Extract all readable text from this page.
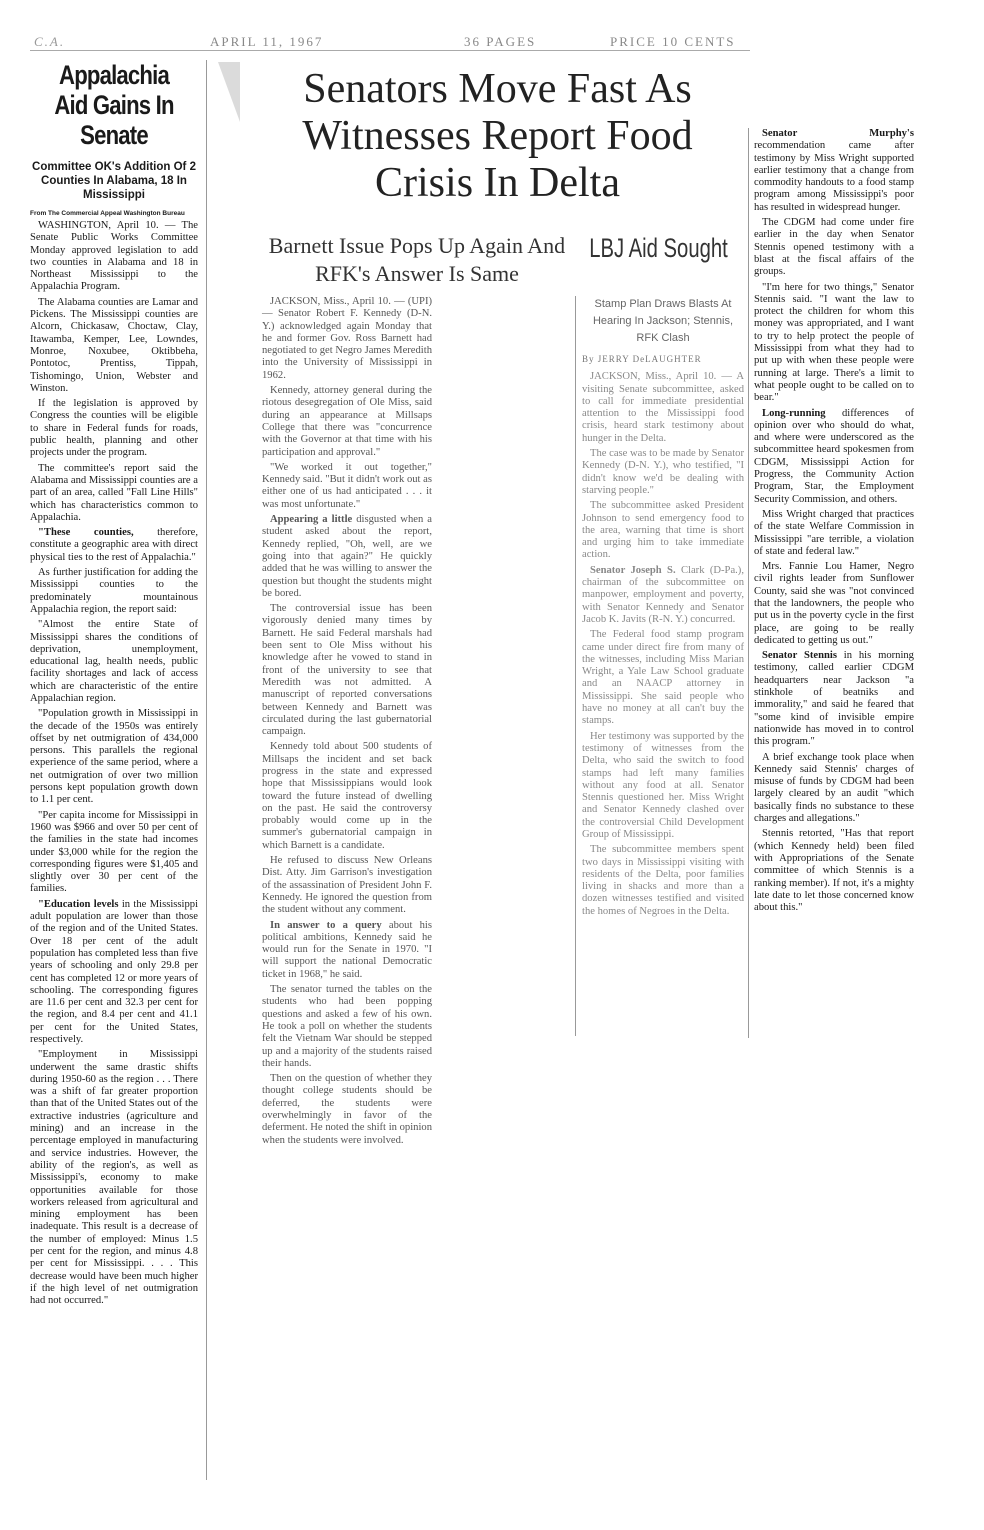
C.A.	APRIL 11, 1967	36 PAGES	PRICE 10 CENTS
Appalachia Aid Gains In Senate
Committee OK's Addition Of 2 Counties In Alabama, 18 In Mississippi
From The Commercial Appeal Washington Bureau

WASHINGTON, April 10. — The Senate Public Works Committee Monday approved legislation to add two counties in Alabama and 18 in Northeast Mississippi to the Appalachia Program.

The Alabama counties are Lamar and Pickens. The Mississippi counties are Alcorn, Chickasaw, Choctaw, Clay, Itawamba, Kemper, Lee, Lowndes, Monroe, Noxubee, Oktibbeha, Pontotoc, Prentiss, Tippah, Tishomingo, Union, Webster and Winston.

If the legislation is approved by Congress the counties will be eligible to share in Federal funds for roads, public health, planning and other projects under the program.

The committee's report said the Alabama and Mississippi counties are a part of an area, called "Fall Line Hills" which has characteristics common to Appalachia.

"These counties, therefore, constitute a geographic area with direct physical ties to the rest of Appalachia."

As further justification for adding the Mississippi counties to the predominately mountainous Appalachia region, the report said:

"Almost the entire State of Mississippi shares the conditions of deprivation, unemployment, educational lag, health needs, public facility shortages and lack of access which are characteristic of the entire Appalachian region.

"Population growth in Mississippi in the decade of the 1950s was entirely offset by net outmigration of 434,000 persons. This parallels the regional experience of the same period, where a net outmigration of over two million persons kept population growth down to 1.1 per cent.

"Per capita income for Mississippi in 1960 was $966 and over 50 per cent of the families in the state had incomes under $3,000 while for the region the corresponding figures were $1,405 and slightly over 30 per cent of the families.

"Education levels in the Mississippi adult population are lower than those of the region and of the United States. Over 18 per cent of the adult population has completed less than five years of schooling and only 29.8 per cent has completed 12 or more years of schooling. The corresponding figures are 11.6 per cent and 32.3 per cent for the region, and 8.4 per cent and 41.1 per cent for the United States, respectively.

"Employment in Mississippi underwent the same drastic shifts during 1950-60 as the region . . . There was a shift of far greater proportion than that of the United States out of the extractive industries (agriculture and mining) and an increase in the percentage employed in manufacturing and service industries. However, the ability of the region's, as well as Mississippi's, economy to make opportunities available for those workers released from agricultural and mining employment has been inadequate. This result is a decrease of the number of employed: Minus 1.5 per cent for the region, and minus 4.8 per cent for Mississippi. . . . This decrease would have been much higher if the high level of net outmigration had not occurred."

Senators Move Fast As Witnesses Report Food Crisis In Delta
Barnett Issue Pops Up Again And RFK's Answer Is Same
LBJ Aid Sought

JACKSON, Miss., April 10. — (UPI) — Senator Robert F. Kennedy (D-N. Y.) acknowledged again Monday that he and former Gov. Ross Barnett had negotiated to get Negro James Meredith into the University of Mississippi in 1962.

Kennedy, attorney general during the riotous desegregation of Ole Miss, said during an appearance at Millsaps College that there was "concurrence with the Governor at that time with his participation and approval."

"We worked it out together," Kennedy said. "But it didn't work out as either one of us had anticipated . . . it was most unfortunate."

Appearing a little disgusted when a student asked about the report, Kennedy replied, "Oh, well, are we going into that again?" He quickly added that he was willing to answer the question but thought the students might be bored.

The controversial issue has been vigorously denied many times by Barnett. He said Federal marshals had been sent to Ole Miss without his knowledge after he vowed to stand in front of the university to see that Meredith was not admitted. A manuscript of reported conversations between Kennedy and Barnett was circulated during the last gubernatorial campaign.

Kennedy told about 500 students of Millsaps the incident and set back progress in the state and expressed hope that Mississippians would look toward the future instead of dwelling on the past. He said the controversy probably would come up in the summer's gubernatorial campaign in which Barnett is a candidate.

He refused to discuss New Orleans Dist. Atty. Jim Garrison's investigation of the assassination of President John F. Kennedy. He ignored the question from the student without any comment.

In answer to a query about his political ambitions, Kennedy said he would run for the Senate in 1970. "I will support the national Democratic ticket in 1968," he said.

The senator turned the tables on the students who had been popping questions and asked a few of his own. He took a poll on whether the students felt the Vietnam War should be stepped up and a majority of the students raised their hands.

Then on the question of whether they thought college students should be deferred, the students were overwhelmingly in favor of the deferment. He noted the shift in opinion when the students were involved.

Stamp Plan Draws Blasts At Hearing In Jackson; Stennis, RFK Clash
By JERRY DeLAUGHTER

JACKSON, Miss., April 10. — A visiting Senate subcommittee, asked to call for immediate presidential attention to the Mississippi food crisis, heard stark testimony about hunger in the Delta.

The case was to be made by Senator Kennedy (D-N. Y.), who testified, "I didn't know we'd be dealing with starving people."

The subcommittee asked President Johnson to send emergency food to the area, warning that time is short and urging him to take immediate action.

Senator Joseph S. Clark (D-Pa.), chairman of the subcommittee on manpower, employment and poverty, with Senator Kennedy and Senator Jacob K. Javits (R-N. Y.) concurred.

The Federal food stamp program came under direct fire from many of the witnesses, including Miss Marian Wright, a Yale Law School graduate and an NAACP attorney in Mississippi. She said people who have no money at all can't buy the stamps.

Her testimony was supported by the testimony of witnesses from the Delta, who said the switch to food stamps had left many families without any food at all. Senator Stennis questioned her. Miss Wright and Senator Kennedy clashed over the controversial Child Development Group of Mississippi.

The subcommittee members spent two days in Mississippi visiting with residents of the Delta, poor families living in shacks and more than a dozen witnesses testified and visited the homes of Negroes in the Delta.

Senator Murphy's recommendation came after testimony by Miss Wright supported earlier testimony that a change from commodity handouts to a food stamp program among Mississippi's poor has resulted in widespread hunger.

The CDGM had come under fire earlier in the day when Senator Stennis opened testimony with a blast at the fiscal affairs of the groups.

"I'm here for two things," Senator Stennis said. "I want the law to protect the children for whom this money was appropriated, and I want to try to help protect the people of Mississippi from what they had to put up with when these people were running at large. There's a limit to what people ought to be called on to bear."

Long-running differences of opinion over who should do what, and where were underscored as the subcommittee heard spokesmen from CDGM, Mississippi Action for Progress, the Community Action Program, Star, the Employment Security Commission, and others.

Miss Wright charged that practices of the state Welfare Commission in Mississippi "are terrible, a violation of state and federal law."

Mrs. Fannie Lou Hamer, Negro civil rights leader from Sunflower County, said she was "not convinced that the landowners, the people who put us in the poverty cycle in the first place, are going to be really dedicated to getting us out."

Senator Stennis in his morning testimony, called earlier CDGM headquarters near Jackson "a stinkhole of beatniks and immorality," and said he feared that "some kind of invisible empire nationwide has moved in to control this program."

A brief exchange took place when Kennedy said Stennis' charges of misuse of funds by CDGM had been largely cleared by an audit "which basically finds no substance to these charges and allegations."

Stennis retorted, "Has that report (which Kennedy held) been filed with Appropriations of the Senate committee of which Stennis is a ranking member). If not, it's a mighty late date to let those concerned know about this."
